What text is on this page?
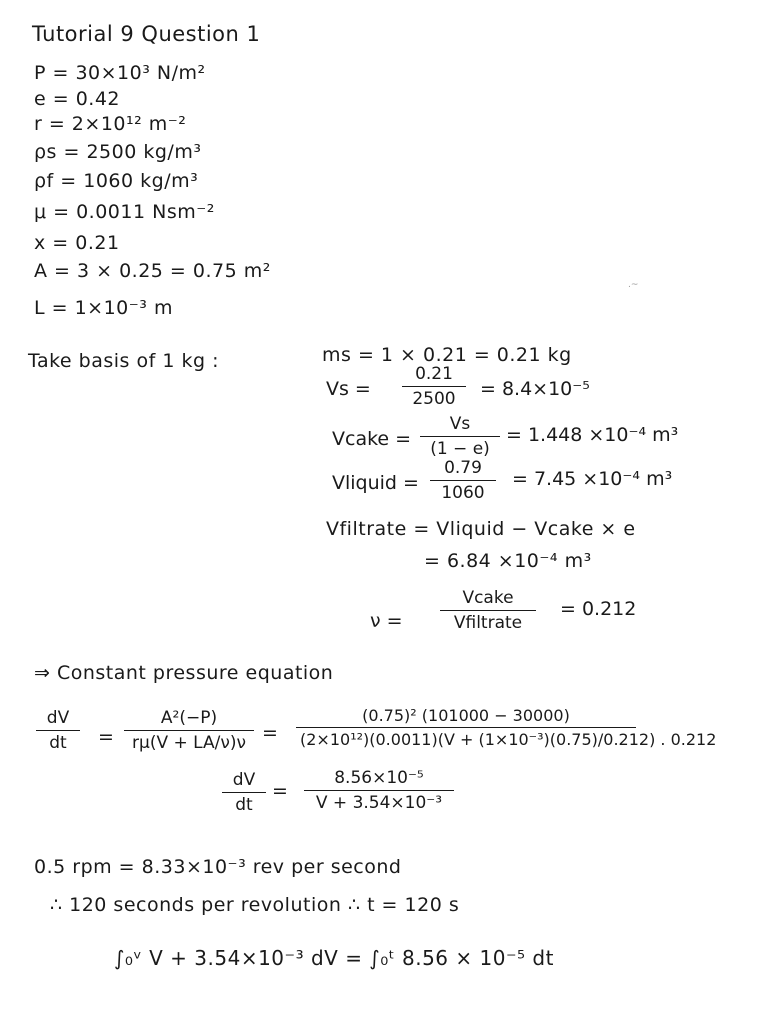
Tutorial 9 Question 1
P = 30×10³ N/m²
e = 0.42
r = 2×10¹² m⁻²
ρs = 2500 kg/m³
ρf = 1060 kg/m³
μ = 0.0011 Nsm⁻²
x = 0.21
A = 3 × 0.25 = 0.75 m²
L = 1×10⁻³ m
.~
Take basis of 1 kg :	ms = 1 × 0.21 = 0.21 kg
Vs =
0.21
2500	= 8.4×10⁻⁵
Vcake =
Vs
(1 − e)
= 1.448 ×10⁻⁴ m³
Vliquid =
0.79
1060
= 7.45 ×10⁻⁴ m³
Vfiltrate = Vliquid − Vcake × e
= 6.84 ×10⁻⁴ m³
ν =
Vcake
Vfiltrate
= 0.212
⇒ Constant pressure equation
dV
dt	=
A²(−P)
rμ(V + LA/ν)ν =
(0.75)² (101000 − 30000)
(2×10¹²)(0.0011)(V + (1×10⁻³)(0.75)/0.212) . 0.212
dV
dt
=
8.56×10⁻⁵
V + 3.54×10⁻³
0.5 rpm = 8.33×10⁻³ rev per second
∴ 120 seconds per revolution ∴ t = 120 s
∫₀ᵛ V + 3.54×10⁻³ dV = ∫₀ᵗ 8.56 × 10⁻⁵ dt
